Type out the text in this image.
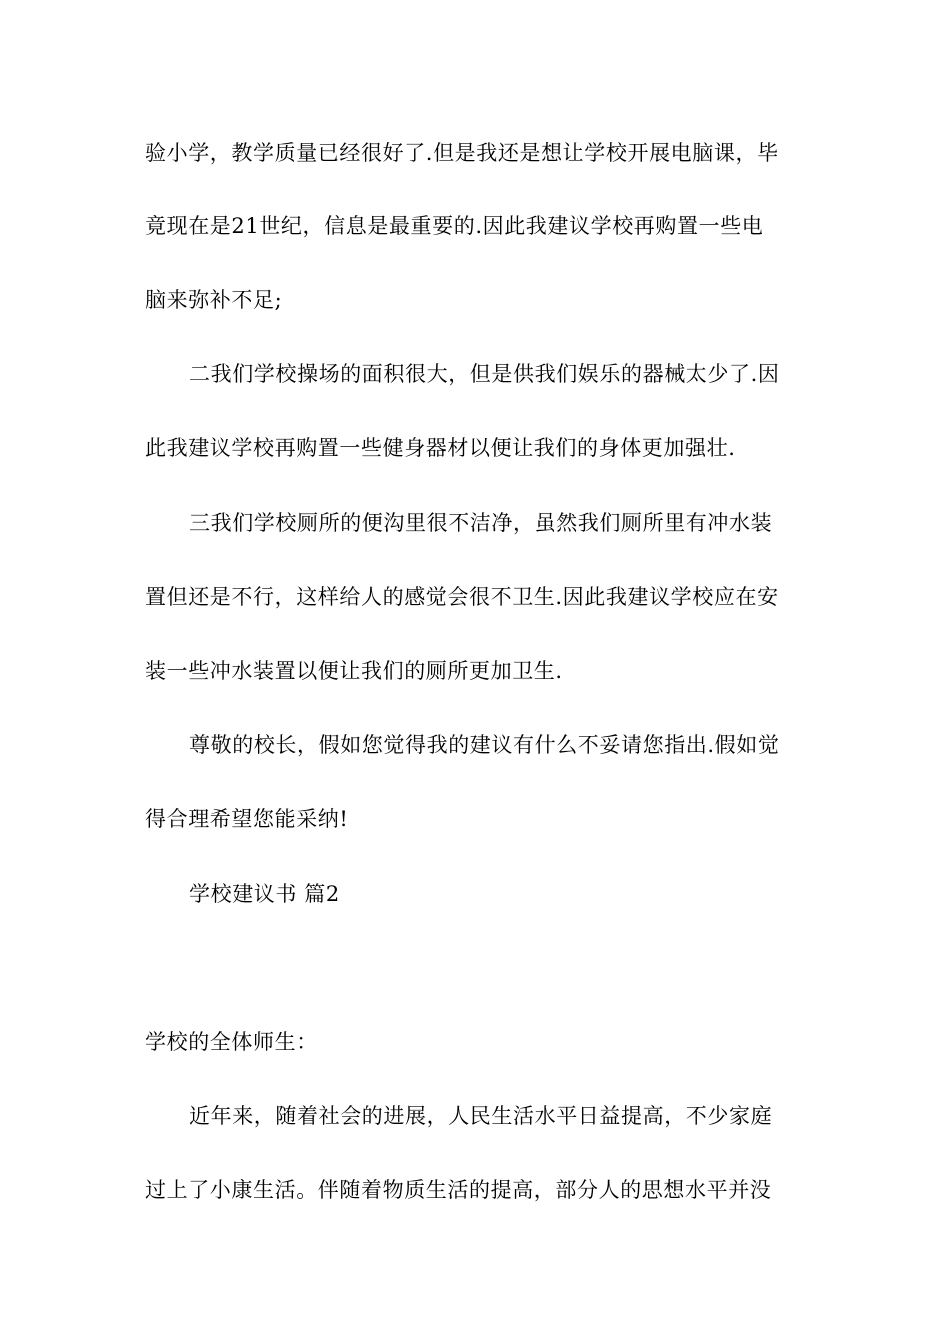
验小学，教学质量已经很好了.但是我还是想让学校开展电脑课，毕
竟现在是21世纪，信息是最重要的.因此我建议学校再购置一些电
脑来弥补不足;
二我们学校操场的面积很大，但是供我们娱乐的器械太少了.因
此我建议学校再购置一些健身器材以便让我们的身体更加强壮.
三我们学校厕所的便沟里很不洁净，虽然我们厕所里有冲水装
置但还是不行，这样给人的感觉会很不卫生.因此我建议学校应在安
装一些冲水装置以便让我们的厕所更加卫生.
尊敬的校长，假如您觉得我的建议有什么不妥请您指出.假如觉
得合理希望您能采纳!
学校建议书 篇2
学校的全体师生：
近年来，随着社会的进展，人民生活水平日益提高，不少家庭
过上了小康生活。伴随着物质生活的提高，部分人的思想水平并没
